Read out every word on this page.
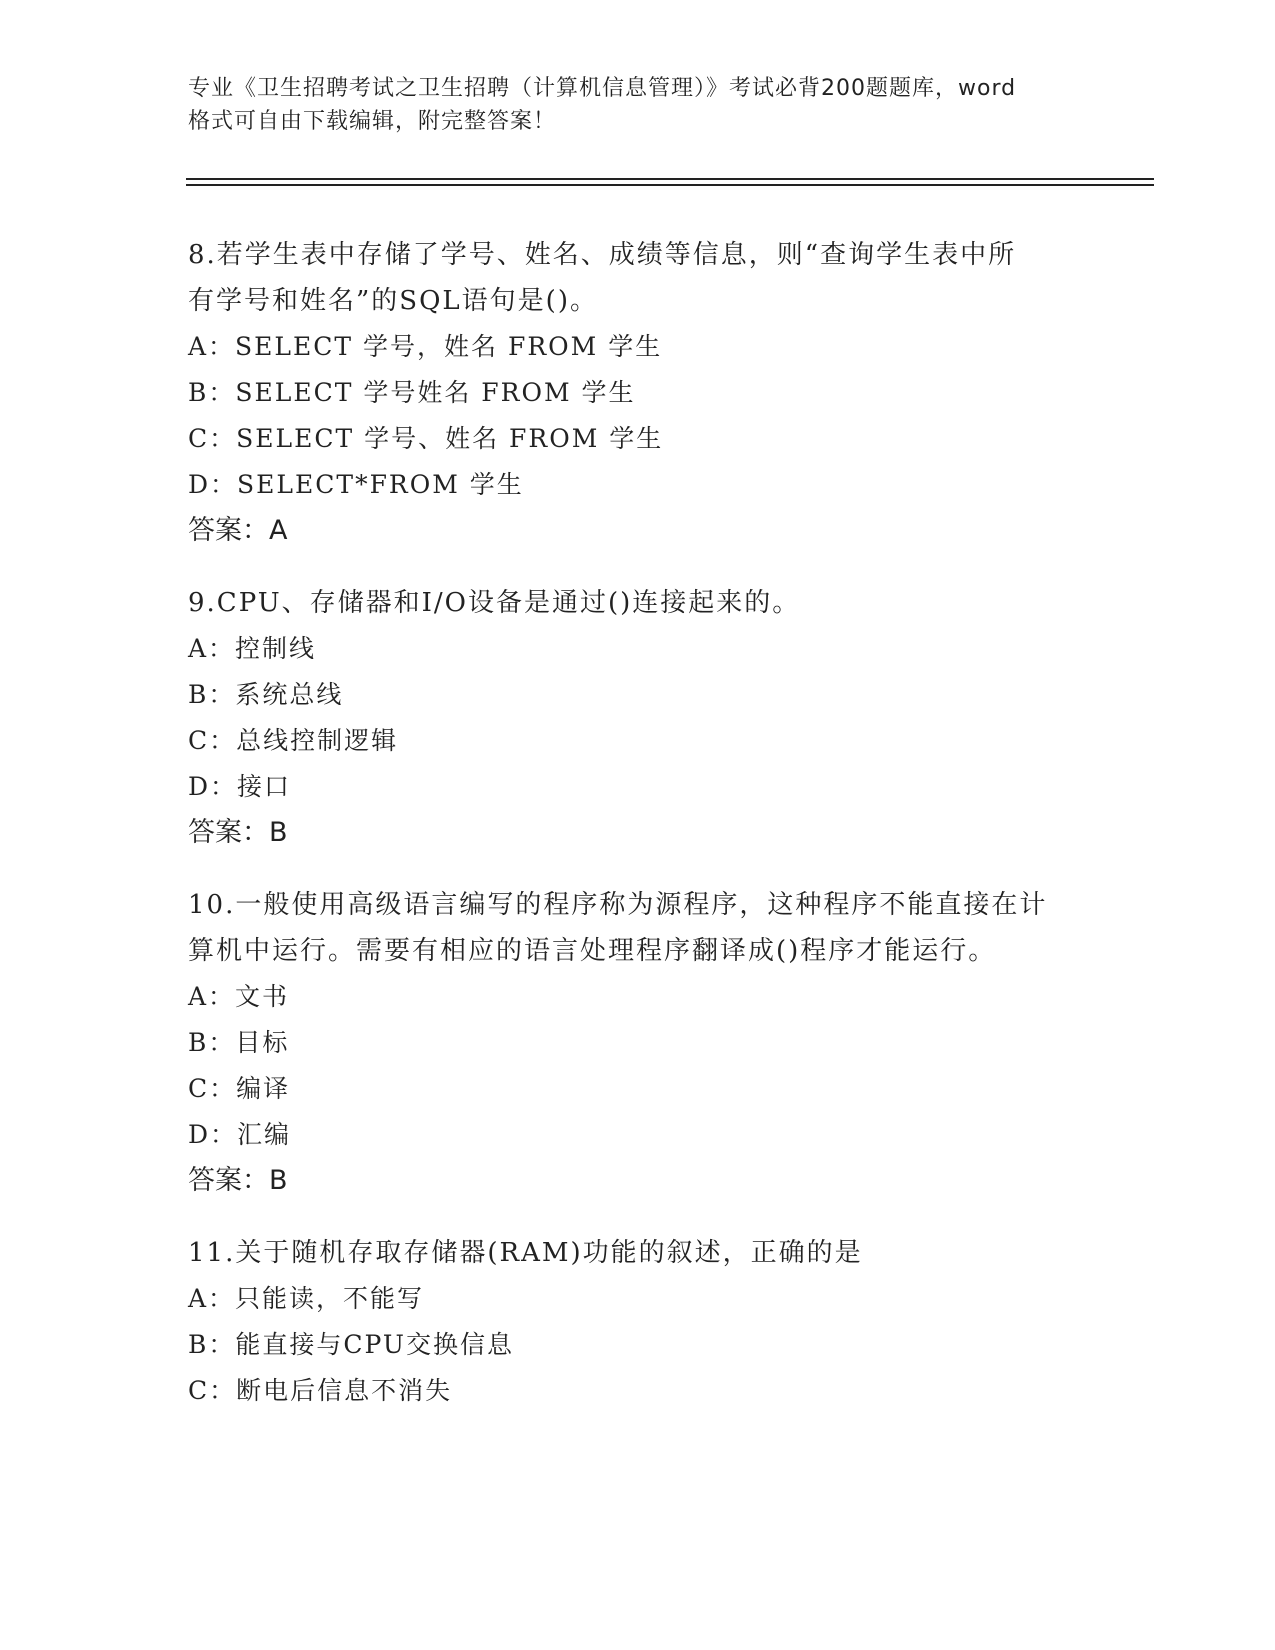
专业《卫生招聘考试之卫生招聘（计算机信息管理）》考试必背200题题库，word
格式可自由下载编辑，附完整答案！

8.若学生表中存储了学号、姓名、成绩等信息，则“查询学生表中所

有学号和姓名”的SQL语句是()。

A：SELECT 学号，姓名 FROM 学生

B：SELECT 学号姓名 FROM 学生

C：SELECT 学号、姓名 FROM 学生

D：SELECT*FROM 学生

答案：A

9.CPU、存储器和I/O设备是通过()连接起来的。

A：控制线

B：系统总线

C：总线控制逻辑

D：接口

答案：B

10.一般使用高级语言编写的程序称为源程序，这种程序不能直接在计

算机中运行。需要有相应的语言处理程序翻译成()程序才能运行。

A：文书

B：目标

C：编译

D：汇编

答案：B

11.关于随机存取存储器(RAM)功能的叙述，正确的是

A：只能读，不能写

B：能直接与CPU交换信息

C：断电后信息不消失
